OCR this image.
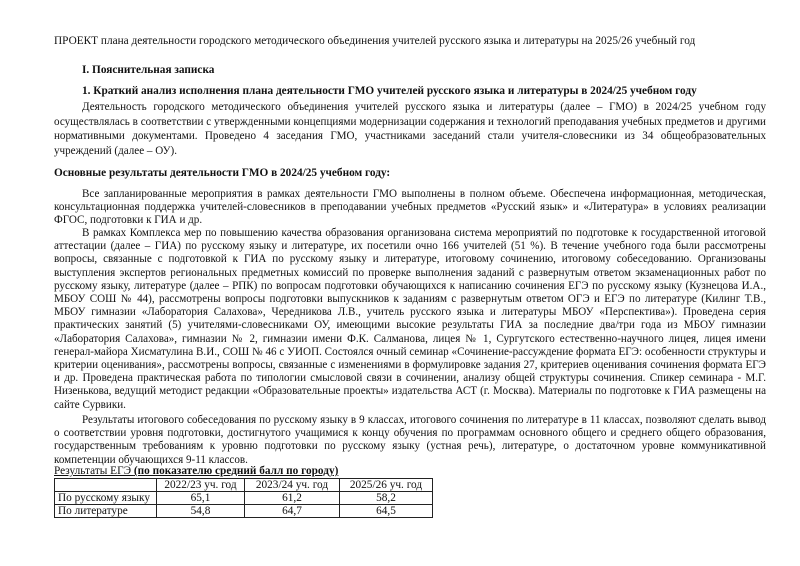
ПРОЕКТ плана деятельности городского методического объединения учителей русского языка и литературы на 2025/26 учебный год
I. Пояснительная записка
1. Краткий анализ исполнения плана деятельности ГМО учителей русского языка и литературы в 2024/25 учебном году

Деятельность городского методического объединения учителей русского языка и литературы (далее – ГМО) в 2024/25 учебном году осуществлялась в соответствии с утвержденными концепциями модернизации содержания и технологий преподавания учебных предметов и другими нормативными документами. Проведено 4 заседания ГМО, участниками заседаний стали учителя-словесники из 34 общеобразовательных учреждений (далее – ОУ).

Основные результаты деятельности ГМО в 2024/25 учебном году:

Все запланированные мероприятия в рамках деятельности ГМО выполнены в полном объеме. Обеспечена информационная, методическая, консультационная поддержка учителей-словесников в преподавании учебных предметов «Русский язык» и «Литература» в условиях реализации ФГОС, подготовки к ГИА и др.

В рамках Комплекса мер по повышению качества образования организована система мероприятий по подготовке к государственной итоговой аттестации (далее – ГИА) по русскому языку и литературе, их посетили очно 166 учителей (51 %). В течение учебного года были рассмотрены вопросы, связанные с подготовкой к ГИА по русскому языку и литературе, итоговому сочинению, итоговому собеседованию. Организованы выступления экспертов региональных предметных комиссий по проверке выполнения заданий с развернутым ответом экзаменационных работ по русскому языку, литературе (далее – РПК) по вопросам подготовки обучающихся к написанию сочинения ЕГЭ по русскому языку (Кузнецова И.А., МБОУ СОШ № 44), рассмотрены вопросы подготовки выпускников к заданиям с развернутым ответом ОГЭ и ЕГЭ по литературе (Килинг Т.В., МБОУ гимназии «Лаборатория Салахова», Чередникова Л.В., учитель русского языка и литературы МБОУ «Перспектива»). Проведена серия практических занятий (5) учителями-словесниками ОУ, имеющими высокие результаты ГИА за последние два/три года из МБОУ гимназии «Лаборатория Салахова», гимназии № 2, гимназии имени Ф.К. Салманова, лицея № 1, Сургутского естественно-научного лицея, лицея имени генерал-майора Хисматулина В.И., СОШ № 46 с УИОП. Состоялся очный семинар «Сочинение-рассуждение формата ЕГЭ: особенности структуры и критерии оценивания», рассмотрены вопросы, связанные с изменениями в формулировке задания 27, критериев оценивания сочинения формата ЕГЭ и др. Проведена практическая работа по типологии смысловой связи в сочинении, анализу общей структуры сочинения. Спикер семинара - М.Г. Низенькова, ведущий методист редакции «Образовательные проекты» издательства АСТ (г. Москва). Материалы по подготовке к ГИА размещены на сайте Сурвики.

Результаты итогового собеседования по русскому языку в 9 классах, итогового сочинения по литературе в 11 классах, позволяют сделать вывод о соответствии уровня подготовки, достигнутого учащимися к концу обучения по программам основного общего и среднего общего образования, государственным требованиям к уровню подготовки по русскому языку (устная речь), литературе, о достаточном уровне коммуникативной компетенции обучающихся 9-11 классов.

Результаты ЕГЭ (по показателю средний балл по городу)
	2022/23 уч. год	2023/24 уч. год	2025/26 уч. год
По русскому языку	65,1	61,2	58,2
По литературе	54,8	64,7	64,5
